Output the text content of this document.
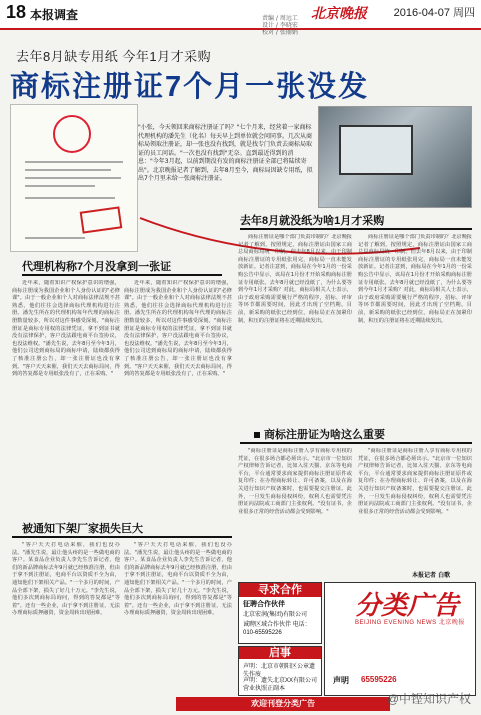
18 本报调查	责编 / 周远工
设计 / 李晓宏
校对 / 张丽娟
北京晚报 2016-04-07 周四
去年8月缺专用纸 今年1月才采购
商标注册证7个月一张没发
"小张，今天领回来商标注册证了吗？"七个月来，经营着一家商标代理机构的潘先生（化名）每天早上到单位就会问同事。几次从商标局领取注册证，却一张也没有找到，就是找专门负责去商标局取证的员工问话。"一次也没有找到"无奈。直到最近得到的消息："今年3月起，以前到期没有发的商标注册证全部已将陆续寄出"。北京晚报记者了解到，去年8月至今，商标局因缺专用纸，拟出7个月里未给一张商标注册证。
代理机构称7个月没拿到一张证

近年来，随着知识产权保护意识的增强，商标注册成为我国企业和个人身份认证的"必修课"。由于一般企业和个人对商标法律法规不甚熟悉，他们往往会选择商标代理机构进行注册。潘先生所在的代理机构每年代理的商标注册数量较多，所以对这件事感受深刻。"商标注册证是商标专用权的法律凭证，拿不到证书就没有法律保护，客户没法跟电商平台签协议，也没法维权。"潘先生说，去年8月至今年3月，他们公司送到商标局的商标申请，陆续都获得了核准注册公告，却一张注册证也没有拿到。"客户天天来催，我们天天去商标局问，得到的答复都是专用纸张没有了，正在采购。"

近年来，随着知识产权保护意识的增强，商标注册成为我国企业和个人身份认证的"必修课"。由于一般企业和个人对商标法律法规不甚熟悉，他们往往会选择商标代理机构进行注册。潘先生所在的代理机构每年代理的商标注册数量较多，所以对这件事感受深刻。"商标注册证是商标专用权的法律凭证，拿不到证书就没有法律保护，客户没法跟电商平台签协议，也没法维权。"潘先生说，去年8月至今年3月，他们公司送到商标局的商标申请，陆续都获得了核准注册公告，却一张注册证也没有拿到。"客户天天来催，我们天天去商标局问，得到的答复都是专用纸张没有了，正在采购。"

去年8月就没纸为啥1月才采购

商标注册证是哪个部门负责印制的？北京晚报记者了解到，按照规定，商标注册证由国家工商总局商标局统一印制。但去年8月以来，由于印制商标注册证的专用纸张用完，商标局一直未能发放新证。记者注意到，商标局在今年1月的一份采购公告中显示，该局在1月份才开始采购商标注册证专用纸张。去年8月就已经没纸了，为什么要等到今年1月才采购？对此，商标局相关人士表示，由于政府采购需要履行严格的程序，招标、评审等环节都需要时间，因此才出现了空档期。目前，新采购的纸张已经到位，商标局正在加紧印制，积压的注册证将在近期陆续发出。

商标注册证是哪个部门负责印制的？北京晚报记者了解到，按照规定，商标注册证由国家工商总局商标局统一印制。但去年8月以来，由于印制商标注册证的专用纸张用完，商标局一直未能发放新证。记者注意到，商标局在今年1月的一份采购公告中显示，该局在1月份才开始采购商标注册证专用纸张。去年8月就已经没纸了，为什么要等到今年1月才采购？对此，商标局相关人士表示，由于政府采购需要履行严格的程序，招标、评审等环节都需要时间，因此才出现了空档期。目前，新采购的纸张已经到位，商标局正在加紧印制，积压的注册证将在近期陆续发出。

商标注册证为啥这么重要

"商标注册证是商标注册人享有商标专用权的凭证，在很多场合都必须出示。"北京市一位知识产权律师告诉记者，比如入驻天猫、京东等电商平台，平台通常要求商家提供商标注册证原件或复印件；在办理商标转让、许可备案，以及在海关进行知识产权备案时，也需要提交注册证。此外，一旦发生商标侵权纠纷，权利人也需要凭注册证向法院或工商部门主张权利。"没有证书，企业很多正常的经营活动都会受到影响。"

"商标注册证是商标注册人享有商标专用权的凭证，在很多场合都必须出示。"北京市一位知识产权律师告诉记者，比如入驻天猫、京东等电商平台，平台通常要求商家提供商标注册证原件或复印件；在办理商标转让、许可备案，以及在海关进行知识产权备案时，也需要提交注册证。此外，一旦发生商标侵权纠纷，权利人也需要凭注册证向法院或工商部门主张权利。"没有证书，企业很多正常的经营活动都会受到影响。"

本报记者 白歌
被通知下架厂家损失巨大

"客户天天打电话来催，我们也没办法。"潘先生说，最让他头疼的是一些做电商的客户。某食品企业负责人李先生告诉记者，他们的新品牌商标去年9月就已经核准注册，但由于拿不到注册证，电商平台以资质不全为由，通知他们下架相关产品。"一个多月的时间，产品全部下架，损失了好几十万元。"李先生说，他们多次到商标局询问，得到的答复都是"等着"。还有一些企业，由于拿不到注册证，无法办理商标质押融资，资金周转出现困难。

"客户天天打电话来催，我们也没办法。"潘先生说，最让他头疼的是一些做电商的客户。某食品企业负责人李先生告诉记者，他们的新品牌商标去年9月就已经核准注册，但由于拿不到注册证，电商平台以资质不全为由，通知他们下架相关产品。"一个多月的时间，产品全部下架，损失了好几十万元。"李先生说，他们多次到商标局询问，得到的答复都是"等着"。还有一些企业，由于拿不到注册证，无法办理商标质押融资，资金周转出现困难。

寻求合作
征聘合作伙伴
北京宏润(集团)有限公司
诚聘区域合作伙伴 电话：010-65595226
启事
声明：北京市朝阳区公章遗失作废
声明：遗失北京XX有限公司营业执照正副本
分类广告
BEIJING EVENING NEWS 北京晚报
声明 65595226
欢迎刊登分类广告	@中铿知识产权
